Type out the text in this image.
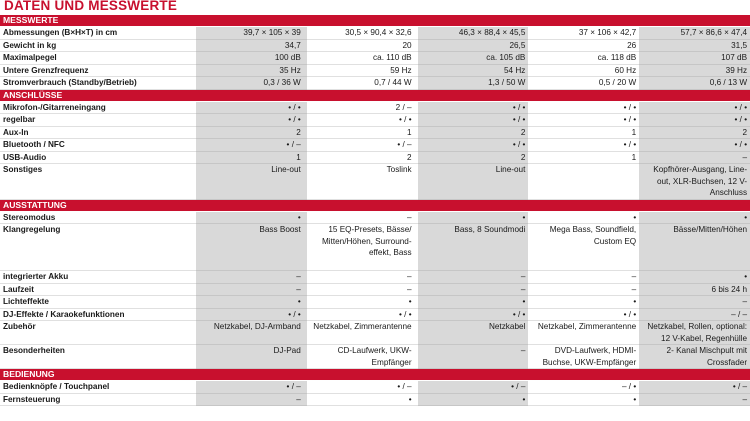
DATEN UND MESSWERTE
MESSWERTE					
Abmessungen (B×H×T) in cm	39,7 × 105 × 39	30,5 × 90,4 × 32,6	46,3 × 88,4 × 45,5	37 × 106 × 42,7	57,7 × 86,6 × 47,4
Gewicht in kg	34,7	20	26,5	26	31,5
Maximalpegel	100 dB	ca. 110 dB	ca. 105 dB	ca. 118 dB	107 dB
Untere Grenzfrequenz	35 Hz	59 Hz	54 Hz	60 Hz	39 Hz
Stromverbrauch (Standby/Betrieb)	0,3 / 36 W	0,7 / 44 W	1,3 / 50 W	0,5 / 20 W	0,6 / 13 W
ANSCHLÜSSE					
Mikrofon-/Gitarreneingang	• / •	2 / –	• / •	• / •	• / •
regelbar	• / •	• / •	• / •	• / •	• / •
Aux-In	2	1	2	1	2
Bluetooth / NFC	• / –	• / –	• / •	• / •	• / •
USB-Audio	1	2	2	1	–
Sonstiges	Line-out	Toslink	Line-out		Kopfhörer-Ausgang, Line-out, XLR-Buchsen, 12 V-Anschluss
AUSSTATTUNG					
Stereomodus	•	–	•	•	•
Klangregelung	Bass Boost	15 EQ-Presets, Bässe/ Mitten/Höhen, Surround- effekt, Bass	Bass, 8 Soundmodi	Mega Bass, Soundfield, Custom EQ	Bässe/Mitten/Höhen
integrierter Akku	–	–	–	–	•
Laufzeit	–	–	–	–	6 bis 24 h
Lichteffekte	•	•	•	•	–
DJ-Effekte / Karaokefunktionen	• / •	• / •	• / •	• / •	– / –
Zubehör	Netzkabel, DJ-Armband	Netzkabel, Zimmerantenne	Netzkabel	Netzkabel, Zimmerantenne	Netzkabel, Rollen, optional: 12 V-Kabel, Regenhülle
Besonderheiten	DJ-Pad	CD-Laufwerk, UKW-Empfänger	–	DVD-Laufwerk, HDMI-Buchse, UKW-Empfänger	2- Kanal Mischpult mit Crossfader
BEDIENUNG					
Bedienknöpfe / Touchpanel	• / –	• / –	• / –	– / •	• / –
Fernsteuerung	–	•	•	•	–
